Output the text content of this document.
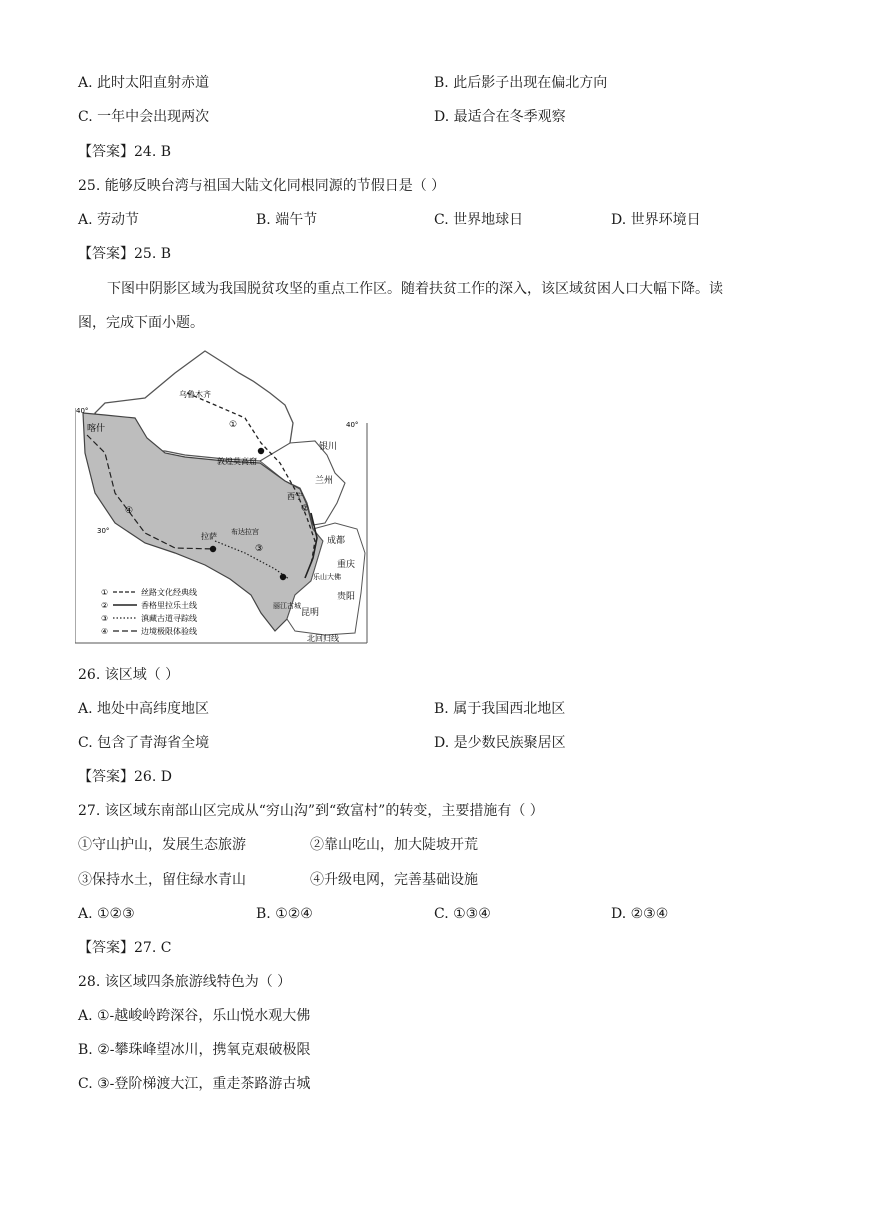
A. 此时太阳直射赤道	B. 此后影子出现在偏北方向
C. 一年中会出现两次	D. 最适合在冬季观察
【答案】24. B
25. 能够反映台湾与祖国大陆文化同根同源的节假日是（ ）
A. 劳动节	B. 端午节	C. 世界地球日	D. 世界环境日
【答案】25. B
下图中阴影区域为我国脱贫攻坚的重点工作区。随着扶贫工作的深入，该区域贫困人口大幅下降。读
图，完成下面小题。
乌鲁木齐
喀什
敦煌莫高窟
银川
兰州
西宁
拉萨 布达拉宫
成都
重庆
贵阳
昆明
丽江古城
乐山大佛
北回归线
40°
40°
30°
①
②
③
④
①	丝路文化经典线
②	香格里拉乐土线
③	滇藏古道寻踪线
④	边境极限体验线
26. 该区域（ ）
A. 地处中高纬度地区	B. 属于我国西北地区
C. 包含了青海省全境	D. 是少数民族聚居区
【答案】26. D
27. 该区域东南部山区完成从“穷山沟”到“致富村”的转变，主要措施有（ ）
①守山护山，发展生态旅游	②靠山吃山，加大陡坡开荒
③保持水土，留住绿水青山	④升级电网，完善基础设施
A. ①②③	B. ①②④	C. ①③④	D. ②③④
【答案】27. C
28. 该区域四条旅游线特色为（ ）
A. ①-越峻岭跨深谷，乐山悦水观大佛
B. ②-攀珠峰望冰川，携氧克艰破极限
C. ③-登阶梯渡大江，重走茶路游古城
